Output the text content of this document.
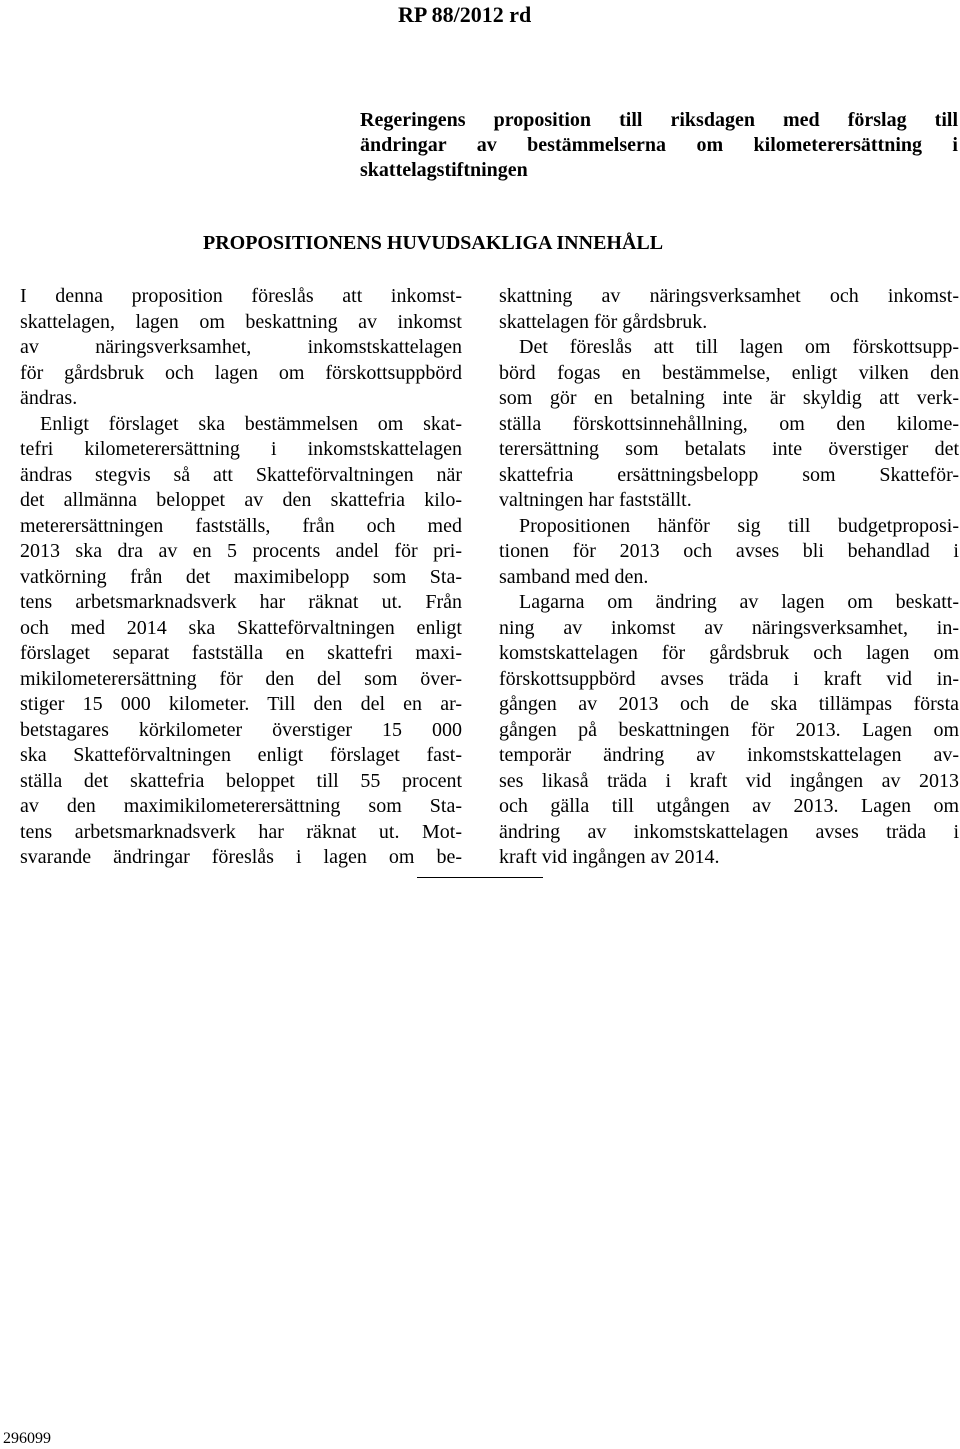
RP 88/2012 rd
Regeringens proposition till riksdagen med förslag till
ändringar av bestämmelserna om kilometerersättning i
skattelagstiftningen
PROPOSITIONENS HUVUDSAKLIGA INNEHÅLL
I denna proposition föreslås att inkomst-
skattelagen, lagen om beskattning av inkomst
av näringsverksamhet, inkomstskattelagen
för gårdsbruk och lagen om förskottsuppbörd
ändras.
Enligt förslaget ska bestämmelsen om skat-
tefri kilometerersättning i inkomstskattelagen
ändras stegvis så att Skatteförvaltningen när
det allmänna beloppet av den skattefria kilo-
meterersättningen fastställs, från och med
2013 ska dra av en 5 procents andel för pri-
vatkörning från det maximibelopp som Sta-
tens arbetsmarknadsverk har räknat ut. Från
och med 2014 ska Skatteförvaltningen enligt
förslaget separat fastställa en skattefri maxi-
mikilometerersättning för den del som över-
stiger 15 000 kilometer. Till den del en ar-
betstagares körkilometer överstiger 15 000
ska Skatteförvaltningen enligt förslaget fast-
ställa det skattefria beloppet till 55 procent
av den maximikilometerersättning som Sta-
tens arbetsmarknadsverk har räknat ut. Mot-
svarande ändringar föreslås i lagen om be-
skattning av näringsverksamhet och inkomst-
skattelagen för gårdsbruk.
Det föreslås att till lagen om förskottsupp-
börd fogas en bestämmelse, enligt vilken den
som gör en betalning inte är skyldig att verk-
ställa förskottsinnehållning, om den kilome-
terersättning som betalats inte överstiger det
skattefria ersättningsbelopp som Skatteför-
valtningen har fastställt.
Propositionen hänför sig till budgetproposi-
tionen för 2013 och avses bli behandlad i
samband med den.
Lagarna om ändring av lagen om beskatt-
ning av inkomst av näringsverksamhet, in-
komstskattelagen för gårdsbruk och lagen om
förskottsuppbörd avses träda i kraft vid in-
gången av 2013 och de ska tillämpas första
gången på beskattningen för 2013. Lagen om
temporär ändring av inkomstskattelagen av-
ses likaså träda i kraft vid ingången av 2013
och gälla till utgången av 2013. Lagen om
ändring av inkomstskattelagen avses träda i
kraft vid ingången av 2014.

296099
